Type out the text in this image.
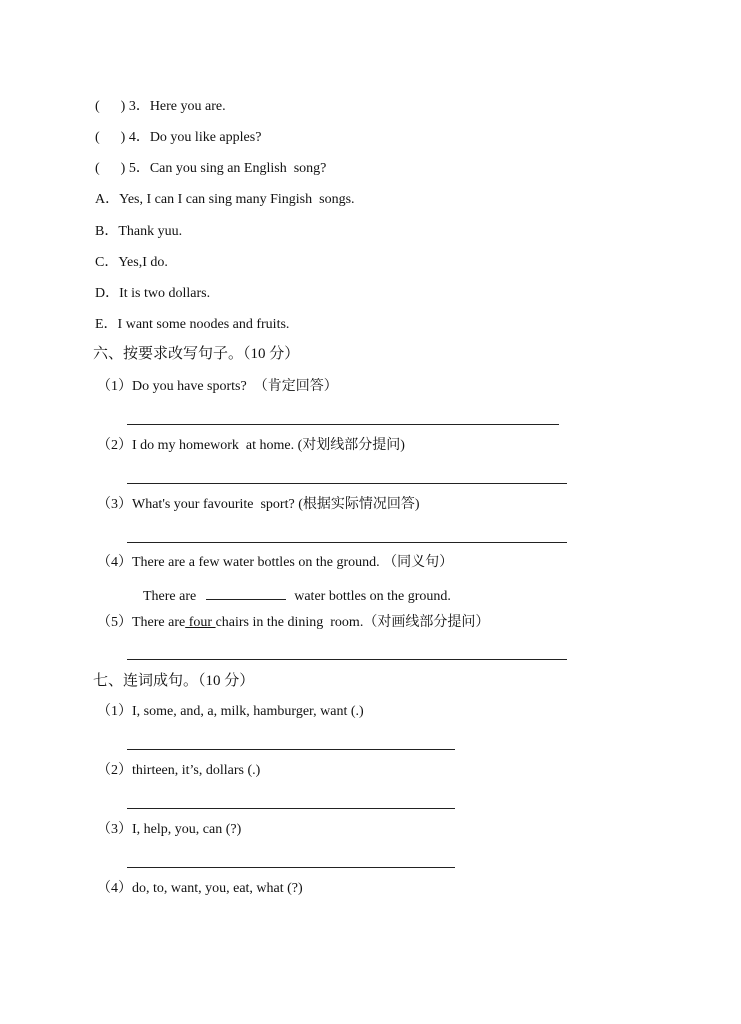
(      ) 3．Here you are.
(      ) 4．Do you like apples?
(      ) 5．Can you sing an English  song?
A．Yes, I can I can sing many Fingish  songs.
B．Thank yuu.
C．Yes,I do.
D．It is two dollars.
E．I want some noodes and fruits.
六、按要求改写句子。（10 分）
（1）Do you have sports?  （肯定回答）
（2）I do my homework  at home. (对划线部分提问)
（3）What's your favourite  sport? (根据实际情况回答)
（4）There are a few water bottles on the ground. （同义句）
There are	water bottles on the ground.
（5）There are four chairs in the dining  room.（对画线部分提问）
七、连词成句。（10 分）
（1）I, some, and, a, milk, hamburger, want (.)
（2）thirteen, it’s, dollars (.)
（3）I, help, you, can (?)
（4）do, to, want, you, eat, what (?)
